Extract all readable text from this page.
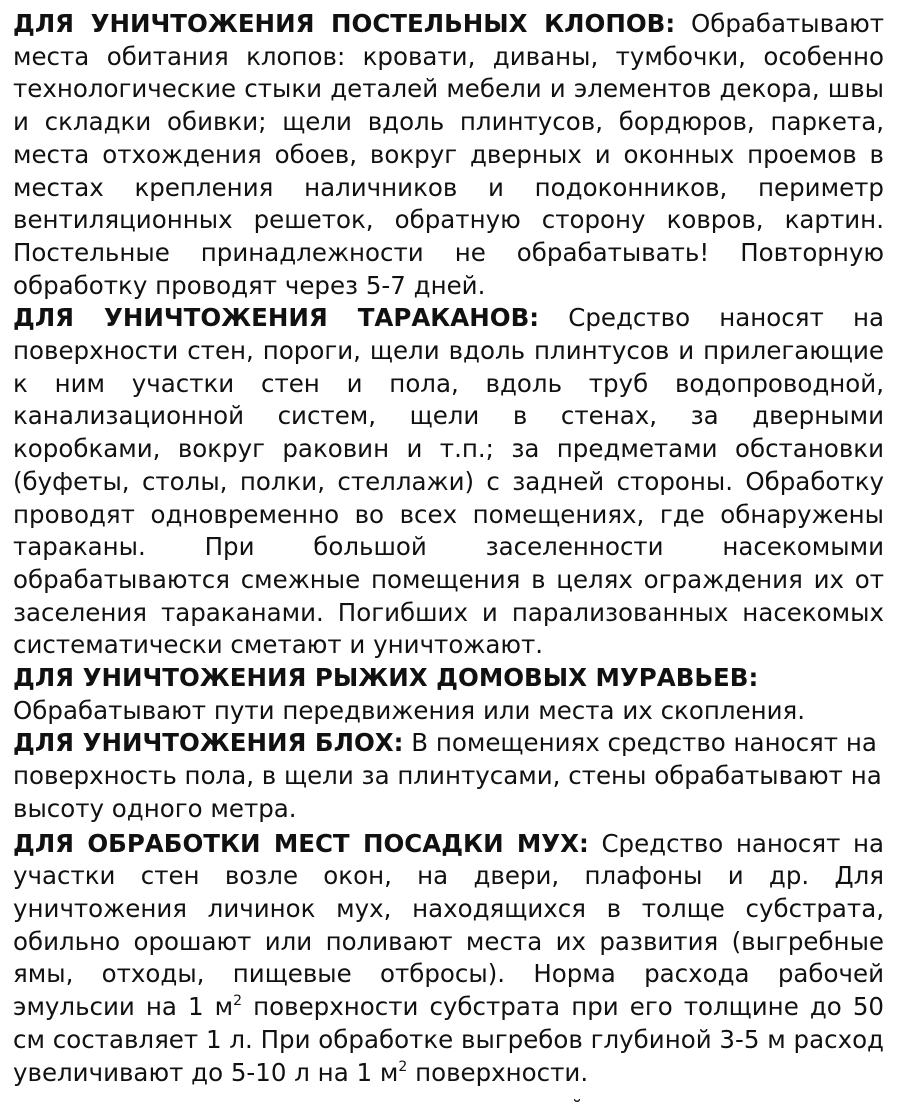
ДЛЯ УНИЧТОЖЕНИЯ ПОСТЕЛЬНЫХ КЛОПОВ: Обрабатывают места обитания клопов: кровати, диваны, тумбочки, особенно технологические стыки деталей мебели и элементов декора, швы и складки обивки; щели вдоль плинтусов, бордюров, паркета, места отхождения обоев, вокруг дверных и оконных проемов в местах крепления наличников и подоконников, периметр вентиляционных решеток, обратную сторону ковров, картин. Постельные принадлежности не обрабатывать! Повторную обработку проводят через 5-7 дней.

ДЛЯ УНИЧТОЖЕНИЯ ТАРАКАНОВ: Средство наносят на поверхности стен, пороги, щели вдоль плинтусов и прилегающие к ним участки стен и пола, вдоль труб водопроводной, канализационной систем, щели в стенах, за дверными коробками, вокруг раковин и т.п.; за предметами обстановки (буфеты, столы, полки, стеллажи) с задней стороны. Обработку проводят одновременно во всех помещениях, где обнаружены тараканы. При большой заселенности насекомыми обрабатываются смежные помещения в целях ограждения их от заселения тараканами. Погибших и парализованных насекомых систематически сметают и уничтожают.

ДЛЯ УНИЧТОЖЕНИЯ РЫЖИХ ДОМОВЫХ МУРАВЬЕВ:
Обрабатывают пути передвижения или места их скопления.

ДЛЯ УНИЧТОЖЕНИЯ БЛОХ: В помещениях средство наносят на поверхность пола, в щели за плинтусами, стены обрабатывают на высоту одного метра.

ДЛЯ ОБРАБОТКИ МЕСТ ПОСАДКИ МУХ: Средство наносят на участки стен возле окон, на двери, плафоны и др. Для уничтожения личинок мух, находящихся в толще субстрата, обильно орошают или поливают места их развития (выгребные ямы, отходы, пищевые отбросы). Норма расхода рабочей эмульсии на 1 $м^2$ поверхности субстрата при его толщине до 50 см составляет 1 л. При обработке выгребов глубиной 3-5 м расход увеличивают до 5-10 л на 1 $м^2$ поверхности.

˘
